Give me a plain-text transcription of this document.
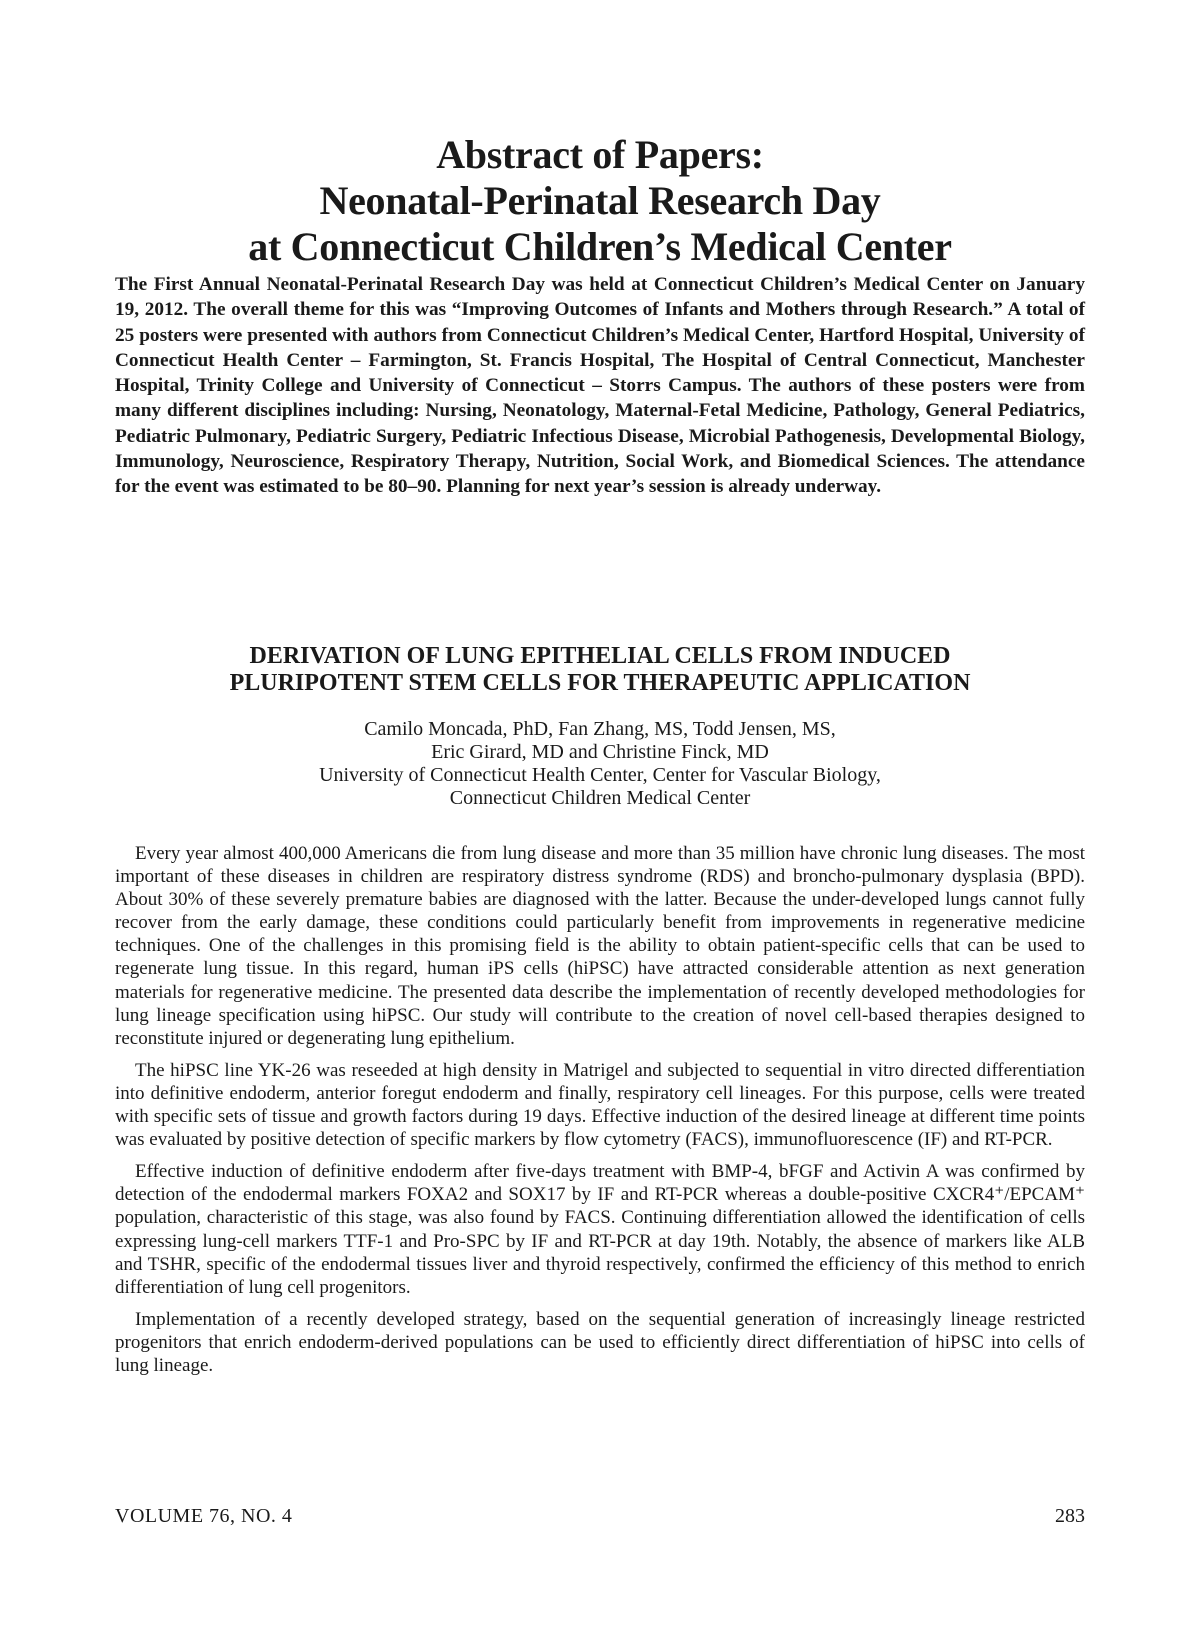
Abstract of Papers:
Neonatal-Perinatal Research Day
at Connecticut Children’s Medical Center

The First Annual Neonatal-Perinatal Research Day was held at Connecticut Children’s Medical Center on January 19, 2012. The overall theme for this was “Improving Outcomes of Infants and Mothers through Research.” A total of 25 posters were presented with authors from Connecticut Children’s Medical Center, Hartford Hospital, University of Connecticut Health Center – Farmington, St. Francis Hospital, The Hospital of Central Connecticut, Manchester Hospital, Trinity College and University of Connecticut – Storrs Campus. The authors of these posters were from many different disciplines including: Nursing, Neonatology, Maternal-Fetal Medicine, Pathology, General Pediatrics, Pediatric Pulmonary, Pediatric Surgery, Pediatric Infectious Disease, Microbial Pathogenesis, Developmental Biology, Immunology, Neuroscience, Respiratory Therapy, Nutrition, Social Work, and Biomedical Sciences. The attendance for the event was estimated to be 80–90. Planning for next year’s session is already underway.

DERIVATION OF LUNG EPITHELIAL CELLS FROM INDUCED
PLURIPOTENT STEM CELLS FOR THERAPEUTIC APPLICATION
Camilo Moncada, PhD, Fan Zhang, MS, Todd Jensen, MS,
Eric Girard, MD and Christine Finck, MD
University of Connecticut Health Center, Center for Vascular Biology,
Connecticut Children Medical Center

Every year almost 400,000 Americans die from lung disease and more than 35 million have chronic lung diseases. The most important of these diseases in children are respiratory distress syndrome (RDS) and broncho-pulmonary dysplasia (BPD). About 30% of these severely premature babies are diagnosed with the latter. Because the under-developed lungs cannot fully recover from the early damage, these conditions could particularly benefit from improvements in regenerative medicine techniques. One of the challenges in this promising field is the ability to obtain patient-specific cells that can be used to regenerate lung tissue. In this regard, human iPS cells (hiPSC) have attracted considerable attention as next generation materials for regenerative medicine. The presented data describe the implementation of recently developed methodologies for lung lineage specification using hiPSC. Our study will contribute to the creation of novel cell-based therapies designed to reconstitute injured or degenerating lung epithelium.

The hiPSC line YK-26 was reseeded at high density in Matrigel and subjected to sequential in vitro directed differentiation into definitive endoderm, anterior foregut endoderm and finally, respiratory cell lineages. For this purpose, cells were treated with specific sets of tissue and growth factors during 19 days. Effective induction of the desired lineage at different time points was evaluated by positive detection of specific markers by flow cytometry (FACS), immunofluorescence (IF) and RT-PCR.

Effective induction of definitive endoderm after five-days treatment with BMP-4, bFGF and Activin A was confirmed by detection of the endodermal markers FOXA2 and SOX17 by IF and RT-PCR whereas a double-positive CXCR4⁺/EPCAM⁺ population, characteristic of this stage, was also found by FACS. Continuing differentiation allowed the identification of cells expressing lung-cell markers TTF-1 and Pro-SPC by IF and RT-PCR at day 19th. Notably, the absence of markers like ALB and TSHR, specific of the endodermal tissues liver and thyroid respectively, confirmed the efficiency of this method to enrich differentiation of lung cell progenitors.

Implementation of a recently developed strategy, based on the sequential generation of increasingly lineage restricted progenitors that enrich endoderm-derived populations can be used to efficiently direct differentiation of hiPSC into cells of lung lineage.

VOLUME 76, NO. 4	283
